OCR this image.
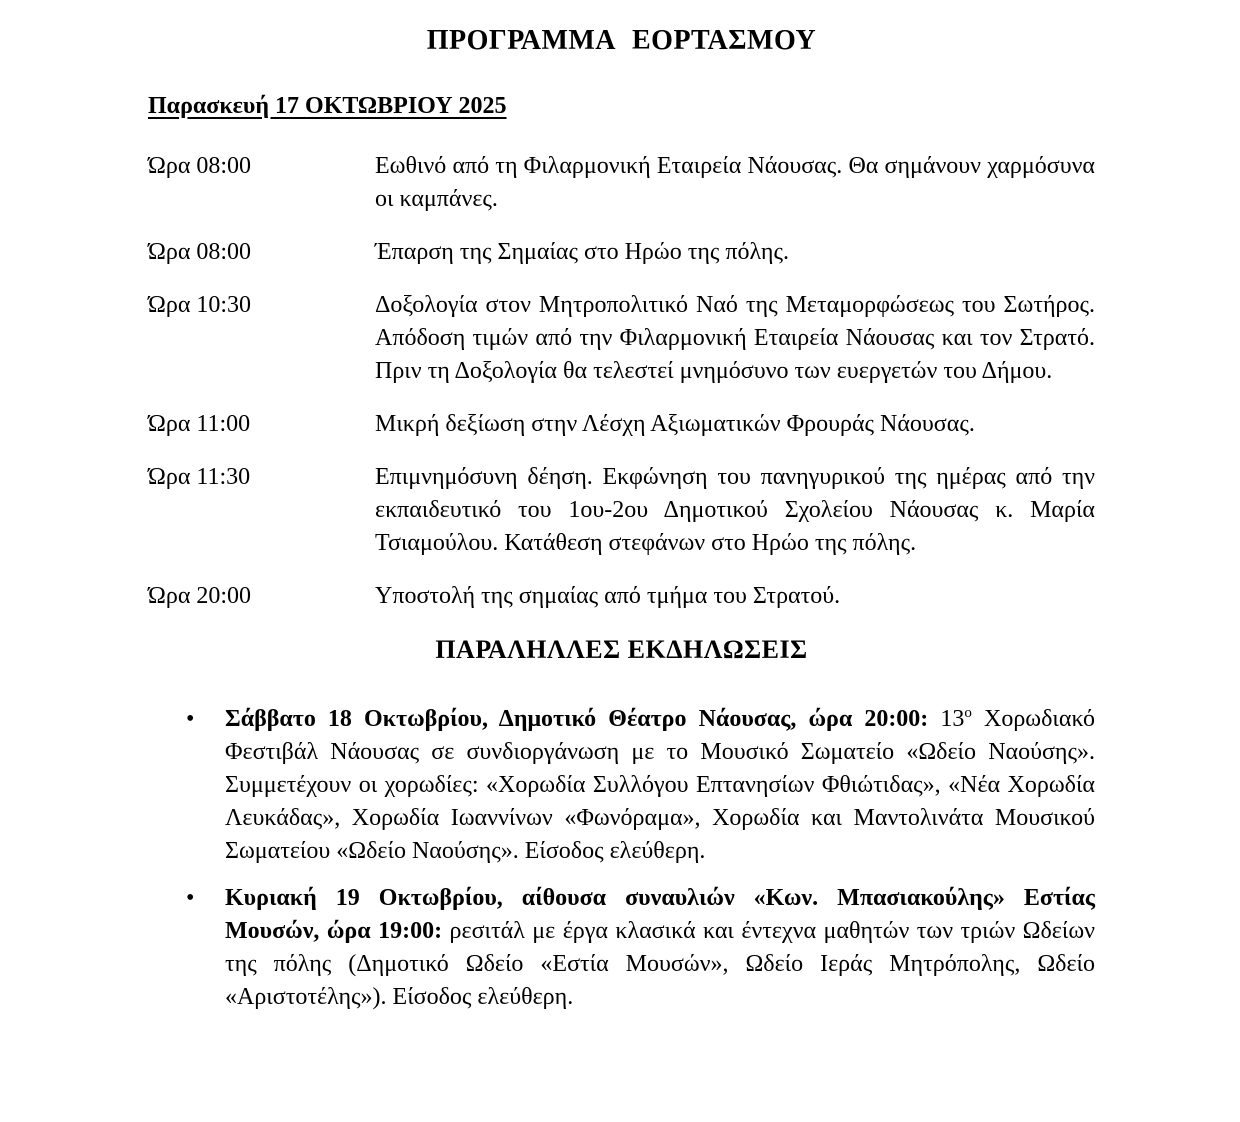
ΠΡΟΓΡΑΜΜΑ ΕΟΡΤΑΣΜΟΥ
Παρασκευή 17 ΟΚΤΩΒΡΙΟΥ 2025
Ώρα 08:00	Εωθινό από τη Φιλαρμονική Εταιρεία Νάουσας. Θα σημάνουν χαρμόσυνα οι καμπάνες.
Ώρα 08:00	Έπαρση της Σημαίας στο Ηρώο της πόλης.
Ώρα 10:30	Δοξολογία στον Μητροπολιτικό Ναό της Μεταμορφώσεως του Σωτήρος. Απόδοση τιμών από την Φιλαρμονική Εταιρεία Νάουσας και τον Στρατό. Πριν τη Δοξολογία θα τελεστεί μνημόσυνο των ευεργετών του Δήμου.
Ώρα 11:00	Μικρή δεξίωση στην Λέσχη Αξιωματικών Φρουράς Νάουσας.
Ώρα 11:30	Επιμνημόσυνη δέηση. Εκφώνηση του πανηγυρικού της ημέρας από την εκπαιδευτικό του 1ου-2ου Δημοτικού Σχολείου Νάουσας κ. Μαρία Τσιαμούλου. Κατάθεση στεφάνων στο Ηρώο της πόλης.
Ώρα 20:00	Υποστολή της σημαίας από τμήμα του Στρατού.
ΠΑΡΑΛΗΛΛΕΣ ΕΚΔΗΛΩΣΕΙΣ
•	Σάββατο 18 Οκτωβρίου, Δημοτικό Θέατρο Νάουσας, ώρα 20:00: $13^o$ Χορωδιακό Φεστιβάλ Νάουσας σε συνδιοργάνωση με το Μουσικό Σωματείο «Ωδείο Ναούσης». Συμμετέχουν οι χορωδίες: «Χορωδία Συλλόγου Επτανησίων Φθιώτιδας», «Νέα Χορωδία Λευκάδας», Χορωδία Ιωαννίνων «Φωνόραμα», Χορωδία και Μαντολινάτα Μουσικού Σωματείου «Ωδείο Ναούσης». Είσοδος ελεύθερη.
•	Κυριακή 19 Οκτωβρίου, αίθουσα συναυλιών «Κων. Μπασιακούλης» Εστίας Μουσών, ώρα 19:00: ρεσιτάλ με έργα κλασικά και έντεχνα μαθητών των τριών Ωδείων της πόλης (Δημοτικό Ωδείο «Εστία Μουσών», Ωδείο Ιεράς Μητρόπολης, Ωδείο «Αριστοτέλης»). Είσοδος ελεύθερη.
